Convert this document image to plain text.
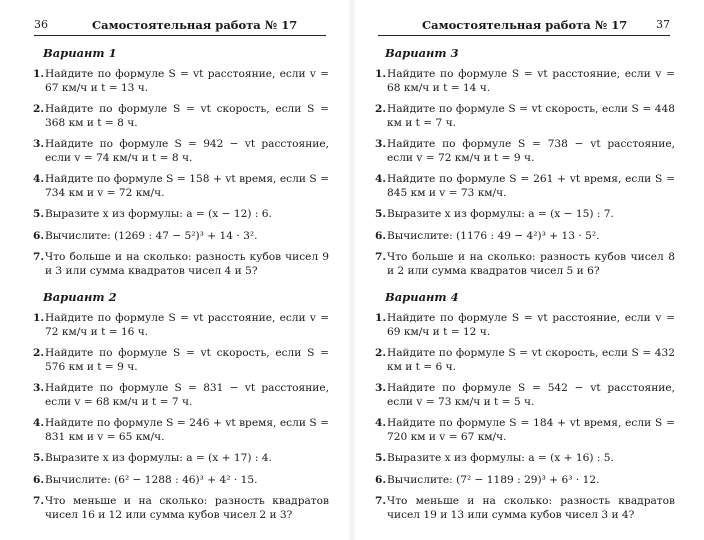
36	Самостоятельная работа № 17
Вариант 1
1. Найдите по формуле S = vt расстояние, если v = 67 км/ч и t = 13 ч.
2. Найдите по формуле S = vt скорость, если S = 368 км и t = 8 ч.
3. Найдите по формуле S = 942 − vt расстояние, если v = 74 км/ч и t = 8 ч.
4. Найдите по формуле S = 158 + vt время, если S = 734 км и v = 72 км/ч.
5. Выразите x из формулы: a = (x − 12) : 6.
6. Вычислите: (1269 : 47 − 5²)³ + 14 · 3².
7. Что больше и на сколько: разность кубов чисел 9 и 3 или сумма квадратов чисел 4 и 5?
Вариант 2
1. Найдите по формуле S = vt расстояние, если v = 72 км/ч и t = 16 ч.
2. Найдите по формуле S = vt скорость, если S = 576 км и t = 9 ч.
3. Найдите по формуле S = 831 − vt расстояние, если v = 68 км/ч и t = 7 ч.
4. Найдите по формуле S = 246 + vt время, если S = 831 км и v = 65 км/ч.
5. Выразите x из формулы: a = (x + 17) : 4.
6. Вычислите: (6² − 1288 : 46)³ + 4² · 15.
7. Что меньше и на сколько: разность квадратов чисел 16 и 12 или сумма кубов чисел 2 и 3?
Самостоятельная работа № 17	37
Вариант 3
1. Найдите по формуле S = vt расстояние, если v = 68 км/ч и t = 14 ч.
2. Найдите по формуле S = vt скорость, если S = 448 км и t = 7 ч.
3. Найдите по формуле S = 738 − vt расстояние, если v = 72 км/ч и t = 9 ч.
4. Найдите по формуле S = 261 + vt время, если S = 845 км и v = 73 км/ч.
5. Выразите x из формулы: a = (x − 15) : 7.
6. Вычислите: (1176 : 49 − 4²)³ + 13 · 5².
7. Что больше и на сколько: разность кубов чисел 8 и 2 или сумма квадратов чисел 5 и 6?
Вариант 4
1. Найдите по формуле S = vt расстояние, если v = 69 км/ч и t = 12 ч.
2. Найдите по формуле S = vt скорость, если S = 432 км и t = 6 ч.
3. Найдите по формуле S = 542 − vt расстояние, если v = 73 км/ч и t = 5 ч.
4. Найдите по формуле S = 184 + vt время, если S = 720 км и v = 67 км/ч.
5. Выразите x из формулы: a = (x + 16) : 5.
6. Вычислите: (7² − 1189 : 29)³ + 6³ · 12.
7. Что меньше и на сколько: разность квадратов чисел 19 и 13 или сумма кубов чисел 3 и 4?
